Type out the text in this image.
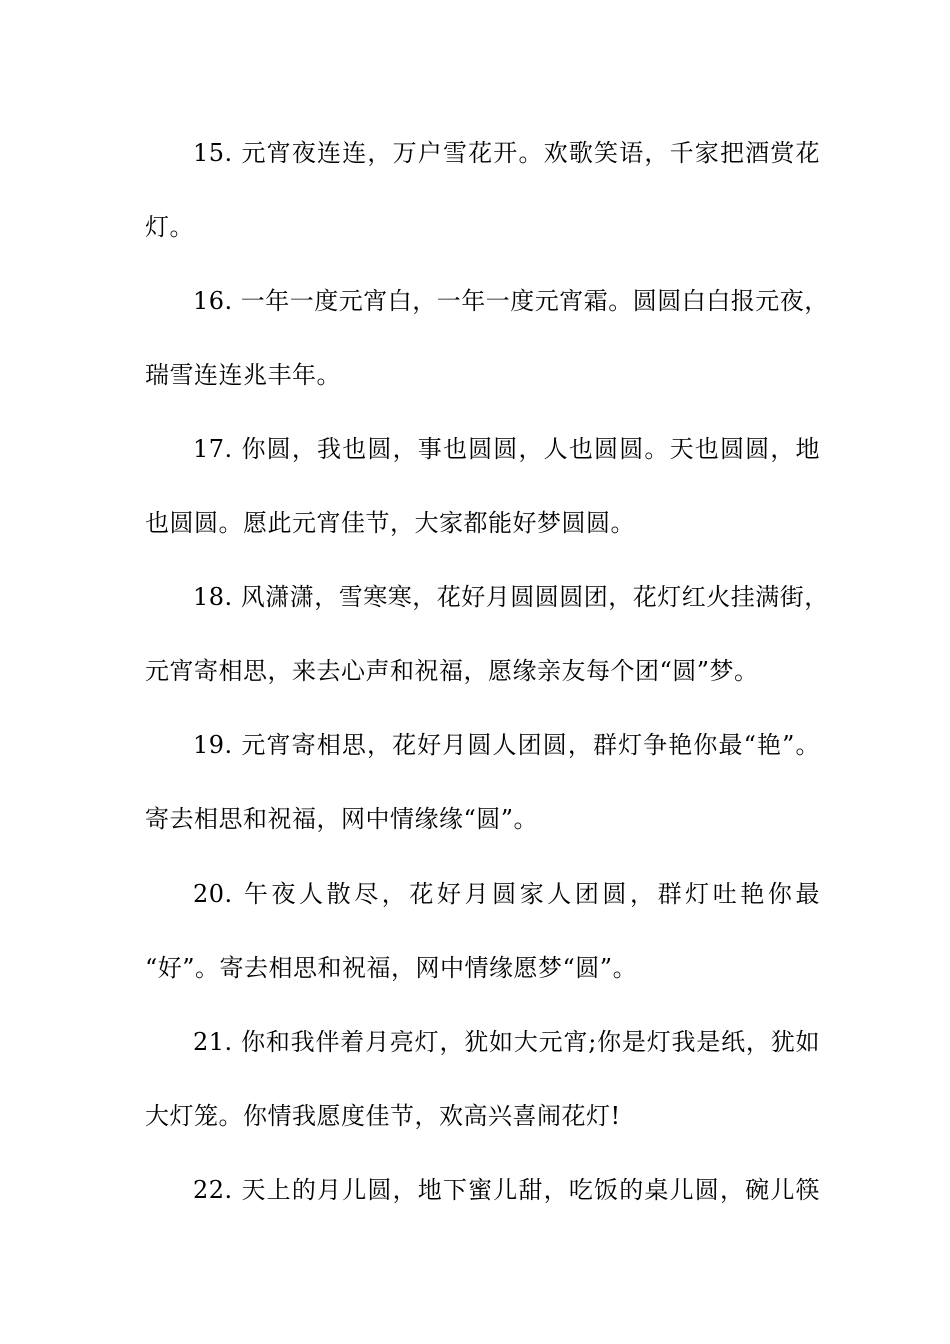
15. 元宵夜连连，万户雪花开。欢歌笑语，千家把酒赏花
灯。
16. 一年一度元宵白，一年一度元宵霜。圆圆白白报元夜，
瑞雪连连兆丰年。
17. 你圆，我也圆，事也圆圆，人也圆圆。天也圆圆，地
也圆圆。愿此元宵佳节，大家都能好梦圆圆。
18. 风潇潇，雪寒寒，花好月圆圆圆团，花灯红火挂满街，
元宵寄相思，来去心声和祝福，愿缘亲友每个团“圆”梦。
19. 元宵寄相思，花好月圆人团圆，群灯争艳你最“艳”。
寄去相思和祝福，网中情缘缘“圆”。
20. 午夜人散尽，花好月圆家人团圆，群灯吐艳你最
“好”。寄去相思和祝福，网中情缘愿梦“圆”。
21. 你和我伴着月亮灯，犹如大元宵;你是灯我是纸，犹如
大灯笼。你情我愿度佳节，欢高兴喜闹花灯!
22. 天上的月儿圆，地下蜜儿甜，吃饭的桌儿圆，碗儿筷
